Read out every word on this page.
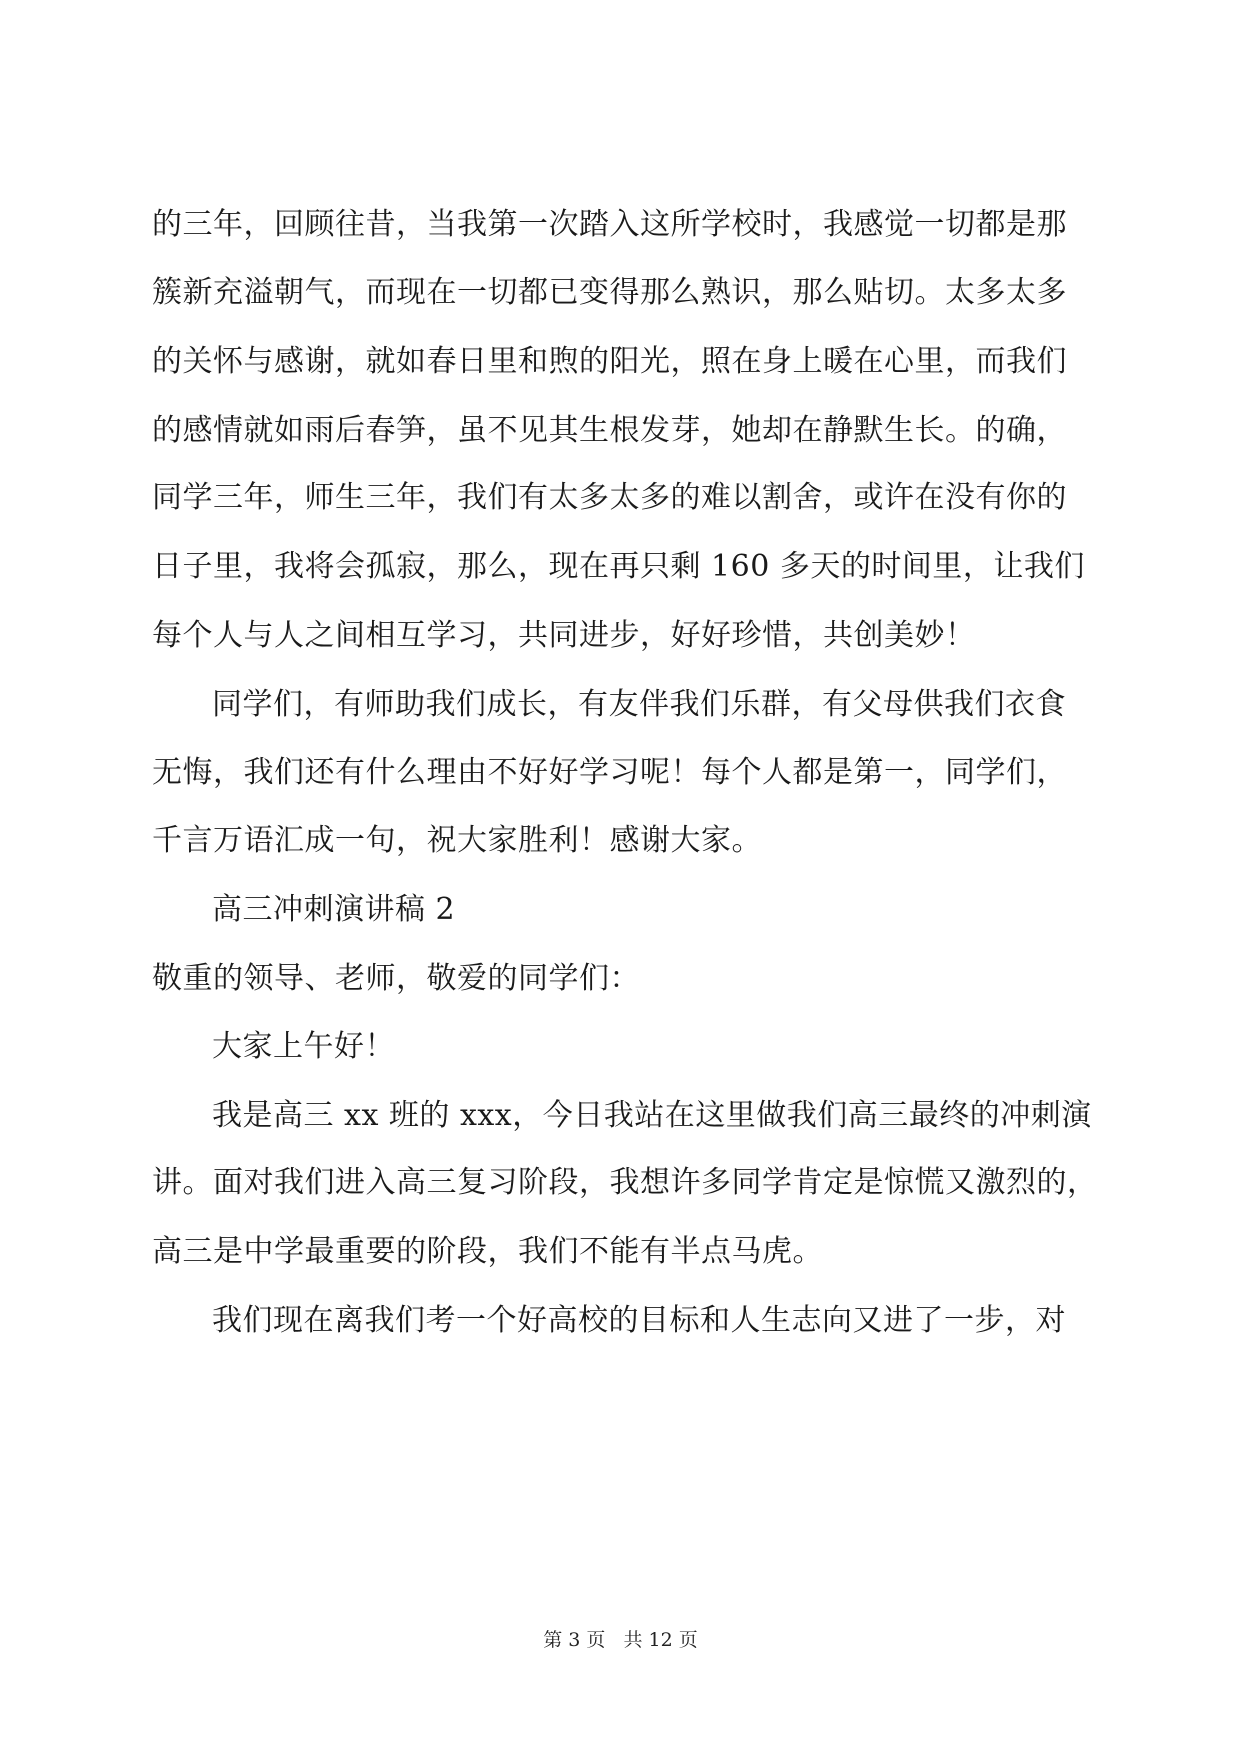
的三年，回顾往昔，当我第一次踏入这所学校时，我感觉一切都是那
簇新充溢朝气，而现在一切都已变得那么熟识，那么贴切。太多太多
的关怀与感谢，就如春日里和煦的阳光，照在身上暖在心里，而我们
的感情就如雨后春笋，虽不见其生根发芽，她却在静默生长。的确，
同学三年，师生三年，我们有太多太多的难以割舍，或许在没有你的
日子里，我将会孤寂，那么，现在再只剩 160 多天的时间里，让我们
每个人与人之间相互学习，共同进步，好好珍惜，共创美妙！
同学们，有师助我们成长，有友伴我们乐群，有父母供我们衣食
无悔，我们还有什么理由不好好学习呢！每个人都是第一，同学们，
千言万语汇成一句，祝大家胜利！感谢大家。
高三冲刺演讲稿 2
敬重的领导、老师，敬爱的同学们：
大家上午好！
我是高三 xx 班的 xxx，今日我站在这里做我们高三最终的冲刺演
讲。面对我们进入高三复习阶段，我想许多同学肯定是惊慌又激烈的，
高三是中学最重要的阶段，我们不能有半点马虎。
我们现在离我们考一个好高校的目标和人生志向又进了一步，对
第 3 页 共 12 页
